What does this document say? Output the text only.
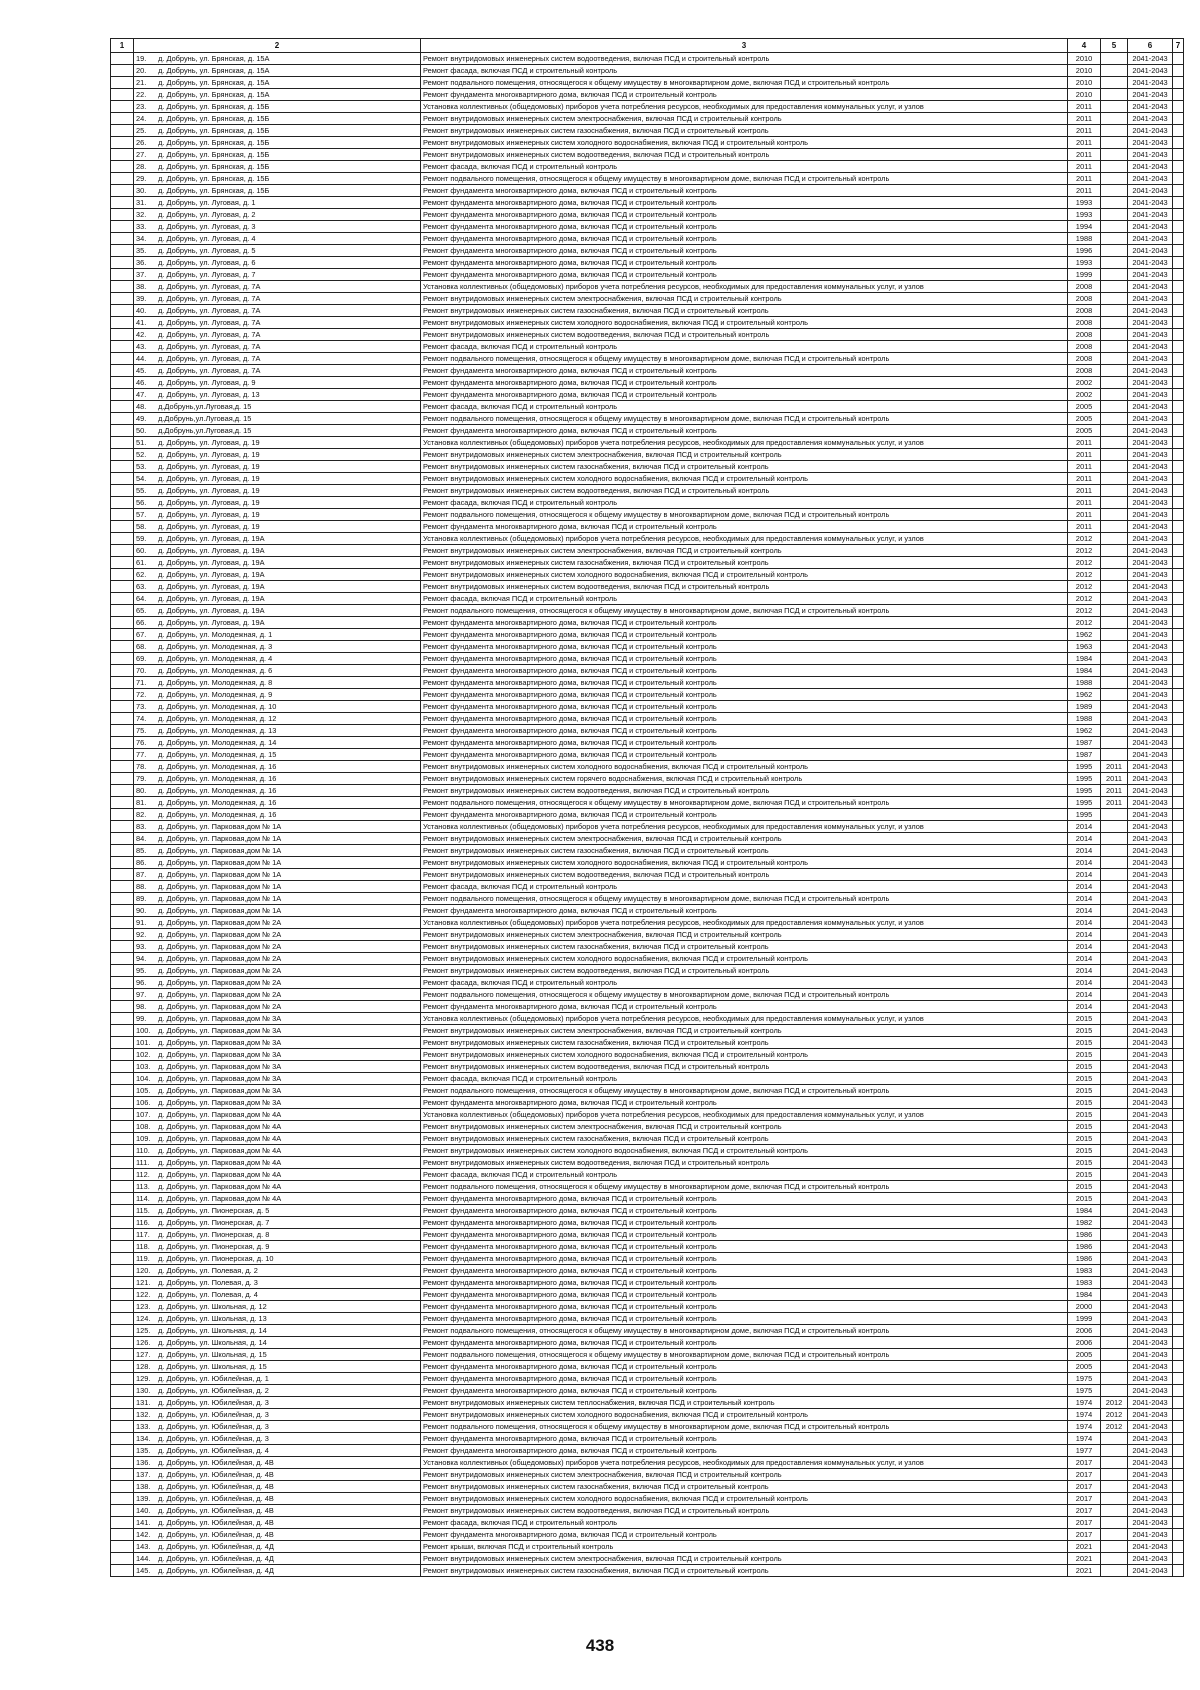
1	2	3	4	5	6	7
	19. д. Добрунь, ул. Брянская, д. 15А	Ремонт внутридомовых инженерных систем водоотведения, включая ПСД и строительный контроль	2010		2041-2043	
	20. д. Добрунь, ул. Брянская, д. 15А	Ремонт фасада, включая ПСД и строительный контроль	2010		2041-2043	
	21. д. Добрунь, ул. Брянская, д. 15А	Ремонт подвального помещения, относящегося к общему имуществу в многоквартирном доме, включая ПСД и строительный контроль	2010		2041-2043	
	22. д. Добрунь, ул. Брянская, д. 15А	Ремонт фундамента многоквартирного дома, включая ПСД и строительный контроль	2010		2041-2043	
	23. д. Добрунь, ул. Брянская, д. 15Б	Установка коллективных (общедомовых) приборов учета потребления ресурсов, необходимых для предоставления коммунальных услуг, и узлов	2011		2041-2043	
	24. д. Добрунь, ул. Брянская, д. 15Б	Ремонт внутридомовых инженерных систем электроснабжения, включая ПСД и строительный контроль	2011		2041-2043	
	25. д. Добрунь, ул. Брянская, д. 15Б	Ремонт внутридомовых инженерных систем газоснабжения, включая ПСД и строительный контроль	2011		2041-2043	
	26. д. Добрунь, ул. Брянская, д. 15Б	Ремонт внутридомовых инженерных систем холодного водоснабжения, включая ПСД и строительный контроль	2011		2041-2043	
	27. д. Добрунь, ул. Брянская, д. 15Б	Ремонт внутридомовых инженерных систем водоотведения, включая ПСД и строительный контроль	2011		2041-2043	
	28. д. Добрунь, ул. Брянская, д. 15Б	Ремонт фасада, включая ПСД и строительный контроль	2011		2041-2043	
	29. д. Добрунь, ул. Брянская, д. 15Б	Ремонт подвального помещения, относящегося к общему имуществу в многоквартирном доме, включая ПСД и строительный контроль	2011		2041-2043	
	30. д. Добрунь, ул. Брянская, д. 15Б	Ремонт фундамента многоквартирного дома, включая ПСД и строительный контроль	2011		2041-2043	
	31. д. Добрунь, ул. Луговая, д. 1	Ремонт фундамента многоквартирного дома, включая ПСД и строительный контроль	1993		2041-2043	
	32. д. Добрунь, ул. Луговая, д. 2	Ремонт фундамента многоквартирного дома, включая ПСД и строительный контроль	1993		2041-2043	
	33. д. Добрунь, ул. Луговая, д. 3	Ремонт фундамента многоквартирного дома, включая ПСД и строительный контроль	1994		2041-2043	
	34. д. Добрунь, ул. Луговая, д. 4	Ремонт фундамента многоквартирного дома, включая ПСД и строительный контроль	1988		2041-2043	
	35. д. Добрунь, ул. Луговая, д. 5	Ремонт фундамента многоквартирного дома, включая ПСД и строительный контроль	1996		2041-2043	
	36. д. Добрунь, ул. Луговая, д. 6	Ремонт фундамента многоквартирного дома, включая ПСД и строительный контроль	1993		2041-2043	
	37. д. Добрунь, ул. Луговая, д. 7	Ремонт фундамента многоквартирного дома, включая ПСД и строительный контроль	1999		2041-2043	
	38. д. Добрунь, ул. Луговая, д. 7А	Установка коллективных (общедомовых) приборов учета потребления ресурсов, необходимых для предоставления коммунальных услуг, и узлов	2008		2041-2043	
	39. д. Добрунь, ул. Луговая, д. 7А	Ремонт внутридомовых инженерных систем электроснабжения, включая ПСД и строительный контроль	2008		2041-2043	
	40. д. Добрунь, ул. Луговая, д. 7А	Ремонт внутридомовых инженерных систем газоснабжения, включая ПСД и строительный контроль	2008		2041-2043	
	41. д. Добрунь, ул. Луговая, д. 7А	Ремонт внутридомовых инженерных систем холодного водоснабжения, включая ПСД и строительный контроль	2008		2041-2043	
	42. д. Добрунь, ул. Луговая, д. 7А	Ремонт внутридомовых инженерных систем водоотведения, включая ПСД и строительный контроль	2008		2041-2043	
	43. д. Добрунь, ул. Луговая, д. 7А	Ремонт фасада, включая ПСД и строительный контроль	2008		2041-2043	
	44. д. Добрунь, ул. Луговая, д. 7А	Ремонт подвального помещения, относящегося к общему имуществу в многоквартирном доме, включая ПСД и строительный контроль	2008		2041-2043	
	45. д. Добрунь, ул. Луговая, д. 7А	Ремонт фундамента многоквартирного дома, включая ПСД и строительный контроль	2008		2041-2043	
	46. д. Добрунь, ул. Луговая, д. 9	Ремонт фундамента многоквартирного дома, включая ПСД и строительный контроль	2002		2041-2043	
	47. д. Добрунь, ул. Луговая, д. 13	Ремонт фундамента многоквартирного дома, включая ПСД и строительный контроль	2002		2041-2043	
	48. д.Добрунь,ул.Луговая,д. 15	Ремонт фасада, включая ПСД и строительный контроль	2005		2041-2043	
	49. д.Добрунь,ул.Луговая,д. 15	Ремонт подвального помещения, относящегося к общему имуществу в многоквартирном доме, включая ПСД и строительный контроль	2005		2041-2043	
	50. д.Добрунь,ул.Луговая,д. 15	Ремонт фундамента многоквартирного дома, включая ПСД и строительный контроль	2005		2041-2043	
	51. д. Добрунь, ул. Луговая, д. 19	Установка коллективных (общедомовых) приборов учета потребления ресурсов, необходимых для предоставления коммунальных услуг, и узлов	2011		2041-2043	
	52. д. Добрунь, ул. Луговая, д. 19	Ремонт внутридомовых инженерных систем электроснабжения, включая ПСД и строительный контроль	2011		2041-2043	
	53. д. Добрунь, ул. Луговая, д. 19	Ремонт внутридомовых инженерных систем газоснабжения, включая ПСД и строительный контроль	2011		2041-2043	
	54. д. Добрунь, ул. Луговая, д. 19	Ремонт внутридомовых инженерных систем холодного водоснабжения, включая ПСД и строительный контроль	2011		2041-2043	
	55. д. Добрунь, ул. Луговая, д. 19	Ремонт внутридомовых инженерных систем водоотведения, включая ПСД и строительный контроль	2011		2041-2043	
	56. д. Добрунь, ул. Луговая, д. 19	Ремонт фасада, включая ПСД и строительный контроль	2011		2041-2043	
	57. д. Добрунь, ул. Луговая, д. 19	Ремонт подвального помещения, относящегося к общему имуществу в многоквартирном доме, включая ПСД и строительный контроль	2011		2041-2043	
	58. д. Добрунь, ул. Луговая, д. 19	Ремонт фундамента многоквартирного дома, включая ПСД и строительный контроль	2011		2041-2043	
	59. д. Добрунь, ул. Луговая, д. 19А	Установка коллективных (общедомовых) приборов учета потребления ресурсов, необходимых для предоставления коммунальных услуг, и узлов	2012		2041-2043	
	60. д. Добрунь, ул. Луговая, д. 19А	Ремонт внутридомовых инженерных систем электроснабжения, включая ПСД и строительный контроль	2012		2041-2043	
	61. д. Добрунь, ул. Луговая, д. 19А	Ремонт внутридомовых инженерных систем газоснабжения, включая ПСД и строительный контроль	2012		2041-2043	
	62. д. Добрунь, ул. Луговая, д. 19А	Ремонт внутридомовых инженерных систем холодного водоснабжения, включая ПСД и строительный контроль	2012		2041-2043	
	63. д. Добрунь, ул. Луговая, д. 19А	Ремонт внутридомовых инженерных систем водоотведения, включая ПСД и строительный контроль	2012		2041-2043	
	64. д. Добрунь, ул. Луговая, д. 19А	Ремонт фасада, включая ПСД и строительный контроль	2012		2041-2043	
	65. д. Добрунь, ул. Луговая, д. 19А	Ремонт подвального помещения, относящегося к общему имуществу в многоквартирном доме, включая ПСД и строительный контроль	2012		2041-2043	
	66. д. Добрунь, ул. Луговая, д. 19А	Ремонт фундамента многоквартирного дома, включая ПСД и строительный контроль	2012		2041-2043	
	67. д. Добрунь, ул. Молодежная, д. 1	Ремонт фундамента многоквартирного дома, включая ПСД и строительный контроль	1962		2041-2043	
	68. д. Добрунь, ул. Молодежная, д. 3	Ремонт фундамента многоквартирного дома, включая ПСД и строительный контроль	1963		2041-2043	
	69. д. Добрунь, ул. Молодежная, д. 4	Ремонт фундамента многоквартирного дома, включая ПСД и строительный контроль	1984		2041-2043	
	70. д. Добрунь, ул. Молодежная, д. 6	Ремонт фундамента многоквартирного дома, включая ПСД и строительный контроль	1984		2041-2043	
	71. д. Добрунь, ул. Молодежная, д. 8	Ремонт фундамента многоквартирного дома, включая ПСД и строительный контроль	1988		2041-2043	
	72. д. Добрунь, ул. Молодежная, д. 9	Ремонт фундамента многоквартирного дома, включая ПСД и строительный контроль	1962		2041-2043	
	73. д. Добрунь, ул. Молодежная, д. 10	Ремонт фундамента многоквартирного дома, включая ПСД и строительный контроль	1989		2041-2043	
	74. д. Добрунь, ул. Молодежная, д. 12	Ремонт фундамента многоквартирного дома, включая ПСД и строительный контроль	1988		2041-2043	
	75. д. Добрунь, ул. Молодежная, д. 13	Ремонт фундамента многоквартирного дома, включая ПСД и строительный контроль	1962		2041-2043	
	76. д. Добрунь, ул. Молодежная, д. 14	Ремонт фундамента многоквартирного дома, включая ПСД и строительный контроль	1987		2041-2043	
	77. д. Добрунь, ул. Молодежная, д. 15	Ремонт фундамента многоквартирного дома, включая ПСД и строительный контроль	1987		2041-2043	
	78. д. Добрунь, ул. Молодежная, д. 16	Ремонт внутридомовых инженерных систем холодного водоснабжения, включая ПСД и строительный контроль	1995	2011	2041-2043	
	79. д. Добрунь, ул. Молодежная, д. 16	Ремонт внутридомовых инженерных систем горячего водоснабжения, включая ПСД и строительный контроль	1995	2011	2041-2043	
	80. д. Добрунь, ул. Молодежная, д. 16	Ремонт внутридомовых инженерных систем водоотведения, включая ПСД и строительный контроль	1995	2011	2041-2043	
	81. д. Добрунь, ул. Молодежная, д. 16	Ремонт подвального помещения, относящегося к общему имуществу в многоквартирном доме, включая ПСД и строительный контроль	1995	2011	2041-2043	
	82. д. Добрунь, ул. Молодежная, д. 16	Ремонт фундамента многоквартирного дома, включая ПСД и строительный контроль	1995		2041-2043	
	83. д. Добрунь, ул. Парковая,дом № 1А	Установка коллективных (общедомовых) приборов учета потребления ресурсов, необходимых для предоставления коммунальных услуг, и узлов	2014		2041-2043	
	84. д. Добрунь, ул. Парковая,дом № 1А	Ремонт внутридомовых инженерных систем электроснабжения, включая ПСД и строительный контроль	2014		2041-2043	
	85. д. Добрунь, ул. Парковая,дом № 1А	Ремонт внутридомовых инженерных систем газоснабжения, включая ПСД и строительный контроль	2014		2041-2043	
	86. д. Добрунь, ул. Парковая,дом № 1А	Ремонт внутридомовых инженерных систем холодного водоснабжения, включая ПСД и строительный контроль	2014		2041-2043	
	87. д. Добрунь, ул. Парковая,дом № 1А	Ремонт внутридомовых инженерных систем водоотведения, включая ПСД и строительный контроль	2014		2041-2043	
	88. д. Добрунь, ул. Парковая,дом № 1А	Ремонт фасада, включая ПСД и строительный контроль	2014		2041-2043	
	89. д. Добрунь, ул. Парковая,дом № 1А	Ремонт подвального помещения, относящегося к общему имуществу в многоквартирном доме, включая ПСД и строительный контроль	2014		2041-2043	
	90. д. Добрунь, ул. Парковая,дом № 1А	Ремонт фундамента многоквартирного дома, включая ПСД и строительный контроль	2014		2041-2043	
	91. д. Добрунь, ул. Парковая,дом № 2А	Установка коллективных (общедомовых) приборов учета потребления ресурсов, необходимых для предоставления коммунальных услуг, и узлов	2014		2041-2043	
	92. д. Добрунь, ул. Парковая,дом № 2А	Ремонт внутридомовых инженерных систем электроснабжения, включая ПСД и строительный контроль	2014		2041-2043	
	93. д. Добрунь, ул. Парковая,дом № 2А	Ремонт внутридомовых инженерных систем газоснабжения, включая ПСД и строительный контроль	2014		2041-2043	
	94. д. Добрунь, ул. Парковая,дом № 2А	Ремонт внутридомовых инженерных систем холодного водоснабжения, включая ПСД и строительный контроль	2014		2041-2043	
	95. д. Добрунь, ул. Парковая,дом № 2А	Ремонт внутридомовых инженерных систем водоотведения, включая ПСД и строительный контроль	2014		2041-2043	
	96. д. Добрунь, ул. Парковая,дом № 2А	Ремонт фасада, включая ПСД и строительный контроль	2014		2041-2043	
	97. д. Добрунь, ул. Парковая,дом № 2А	Ремонт подвального помещения, относящегося к общему имуществу в многоквартирном доме, включая ПСД и строительный контроль	2014		2041-2043	
	98. д. Добрунь, ул. Парковая,дом № 2А	Ремонт фундамента многоквартирного дома, включая ПСД и строительный контроль	2014		2041-2043	
	99. д. Добрунь, ул. Парковая,дом № 3А	Установка коллективных (общедомовых) приборов учета потребления ресурсов, необходимых для предоставления коммунальных услуг, и узлов	2015		2041-2043	
	100. д. Добрунь, ул. Парковая,дом № 3А	Ремонт внутридомовых инженерных систем электроснабжения, включая ПСД и строительный контроль	2015		2041-2043	
	101. д. Добрунь, ул. Парковая,дом № 3А	Ремонт внутридомовых инженерных систем газоснабжения, включая ПСД и строительный контроль	2015		2041-2043	
	102. д. Добрунь, ул. Парковая,дом № 3А	Ремонт внутридомовых инженерных систем холодного водоснабжения, включая ПСД и строительный контроль	2015		2041-2043	
	103. д. Добрунь, ул. Парковая,дом № 3А	Ремонт внутридомовых инженерных систем водоотведения, включая ПСД и строительный контроль	2015		2041-2043	
	104. д. Добрунь, ул. Парковая,дом № 3А	Ремонт фасада, включая ПСД и строительный контроль	2015		2041-2043	
	105. д. Добрунь, ул. Парковая,дом № 3А	Ремонт подвального помещения, относящегося к общему имуществу в многоквартирном доме, включая ПСД и строительный контроль	2015		2041-2043	
	106. д. Добрунь, ул. Парковая,дом № 3А	Ремонт фундамента многоквартирного дома, включая ПСД и строительный контроль	2015		2041-2043	
	107. д. Добрунь, ул. Парковая,дом № 4А	Установка коллективных (общедомовых) приборов учета потребления ресурсов, необходимых для предоставления коммунальных услуг, и узлов	2015		2041-2043	
	108. д. Добрунь, ул. Парковая,дом № 4А	Ремонт внутридомовых инженерных систем электроснабжения, включая ПСД и строительный контроль	2015		2041-2043	
	109. д. Добрунь, ул. Парковая,дом № 4А	Ремонт внутридомовых инженерных систем газоснабжения, включая ПСД и строительный контроль	2015		2041-2043	
	110. д. Добрунь, ул. Парковая,дом № 4А	Ремонт внутридомовых инженерных систем холодного водоснабжения, включая ПСД и строительный контроль	2015		2041-2043	
	111. д. Добрунь, ул. Парковая,дом № 4А	Ремонт внутридомовых инженерных систем водоотведения, включая ПСД и строительный контроль	2015		2041-2043	
	112. д. Добрунь, ул. Парковая,дом № 4А	Ремонт фасада, включая ПСД и строительный контроль	2015		2041-2043	
	113. д. Добрунь, ул. Парковая,дом № 4А	Ремонт подвального помещения, относящегося к общему имуществу в многоквартирном доме, включая ПСД и строительный контроль	2015		2041-2043	
	114. д. Добрунь, ул. Парковая,дом № 4А	Ремонт фундамента многоквартирного дома, включая ПСД и строительный контроль	2015		2041-2043	
	115. д. Добрунь, ул. Пионерская, д. 5	Ремонт фундамента многоквартирного дома, включая ПСД и строительный контроль	1984		2041-2043	
	116. д. Добрунь, ул. Пионерская, д. 7	Ремонт фундамента многоквартирного дома, включая ПСД и строительный контроль	1982		2041-2043	
	117. д. Добрунь, ул. Пионерская, д. 8	Ремонт фундамента многоквартирного дома, включая ПСД и строительный контроль	1986		2041-2043	
	118. д. Добрунь, ул. Пионерская, д. 9	Ремонт фундамента многоквартирного дома, включая ПСД и строительный контроль	1986		2041-2043	
	119. д. Добрунь, ул. Пионерская, д. 10	Ремонт фундамента многоквартирного дома, включая ПСД и строительный контроль	1986		2041-2043	
	120. д. Добрунь, ул. Полевая, д. 2	Ремонт фундамента многоквартирного дома, включая ПСД и строительный контроль	1983		2041-2043	
	121. д. Добрунь, ул. Полевая, д. 3	Ремонт фундамента многоквартирного дома, включая ПСД и строительный контроль	1983		2041-2043	
	122. д. Добрунь, ул. Полевая, д. 4	Ремонт фундамента многоквартирного дома, включая ПСД и строительный контроль	1984		2041-2043	
	123. д. Добрунь, ул. Школьная, д. 12	Ремонт фундамента многоквартирного дома, включая ПСД и строительный контроль	2000		2041-2043	
	124. д. Добрунь, ул. Школьная, д. 13	Ремонт фундамента многоквартирного дома, включая ПСД и строительный контроль	1999		2041-2043	
	125. д. Добрунь, ул. Школьная, д. 14	Ремонт подвального помещения, относящегося к общему имуществу в многоквартирном доме, включая ПСД и строительный контроль	2006		2041-2043	
	126. д. Добрунь, ул. Школьная, д. 14	Ремонт фундамента многоквартирного дома, включая ПСД и строительный контроль	2006		2041-2043	
	127. д. Добрунь, ул. Школьная, д. 15	Ремонт подвального помещения, относящегося к общему имуществу в многоквартирном доме, включая ПСД и строительный контроль	2005		2041-2043	
	128. д. Добрунь, ул. Школьная, д. 15	Ремонт фундамента многоквартирного дома, включая ПСД и строительный контроль	2005		2041-2043	
	129. д. Добрунь, ул. Юбилейная, д. 1	Ремонт фундамента многоквартирного дома, включая ПСД и строительный контроль	1975		2041-2043	
	130. д. Добрунь, ул. Юбилейная, д. 2	Ремонт фундамента многоквартирного дома, включая ПСД и строительный контроль	1975		2041-2043	
	131. д. Добрунь, ул. Юбилейная, д. 3	Ремонт внутридомовых инженерных систем теплоснабжения, включая ПСД и строительный контроль	1974	2012	2041-2043	
	132. д. Добрунь, ул. Юбилейная, д. 3	Ремонт внутридомовых инженерных систем холодного водоснабжения, включая ПСД и строительный контроль	1974	2012	2041-2043	
	133. д. Добрунь, ул. Юбилейная, д. 3	Ремонт подвального помещения, относящегося к общему имуществу в многоквартирном доме, включая ПСД и строительный контроль	1974	2012	2041-2043	
	134. д. Добрунь, ул. Юбилейная, д. 3	Ремонт фундамента многоквартирного дома, включая ПСД и строительный контроль	1974		2041-2043	
	135. д. Добрунь, ул. Юбилейная, д. 4	Ремонт фундамента многоквартирного дома, включая ПСД и строительный контроль	1977		2041-2043	
	136. д. Добрунь, ул. Юбилейная, д. 4В	Установка коллективных (общедомовых) приборов учета потребления ресурсов, необходимых для предоставления коммунальных услуг, и узлов	2017		2041-2043	
	137. д. Добрунь, ул. Юбилейная, д. 4В	Ремонт внутридомовых инженерных систем электроснабжения, включая ПСД и строительный контроль	2017		2041-2043	
	138. д. Добрунь, ул. Юбилейная, д. 4В	Ремонт внутридомовых инженерных систем газоснабжения, включая ПСД и строительный контроль	2017		2041-2043	
	139. д. Добрунь, ул. Юбилейная, д. 4В	Ремонт внутридомовых инженерных систем холодного водоснабжения, включая ПСД и строительный контроль	2017		2041-2043	
	140. д. Добрунь, ул. Юбилейная, д. 4В	Ремонт внутридомовых инженерных систем водоотведения, включая ПСД и строительный контроль	2017		2041-2043	
	141. д. Добрунь, ул. Юбилейная, д. 4В	Ремонт фасада, включая ПСД и строительный контроль	2017		2041-2043	
	142. д. Добрунь, ул. Юбилейная, д. 4В	Ремонт фундамента многоквартирного дома, включая ПСД и строительный контроль	2017		2041-2043	
	143. д. Добрунь, ул. Юбилейная, д. 4Д	Ремонт крыши, включая ПСД и строительный контроль	2021		2041-2043	
	144. д. Добрунь, ул. Юбилейная, д. 4Д	Ремонт внутридомовых инженерных систем электроснабжения, включая ПСД и строительный контроль	2021		2041-2043	
	145. д. Добрунь, ул. Юбилейная, д. 4Д	Ремонт внутридомовых инженерных систем газоснабжения, включая ПСД и строительный контроль	2021		2041-2043	
438
